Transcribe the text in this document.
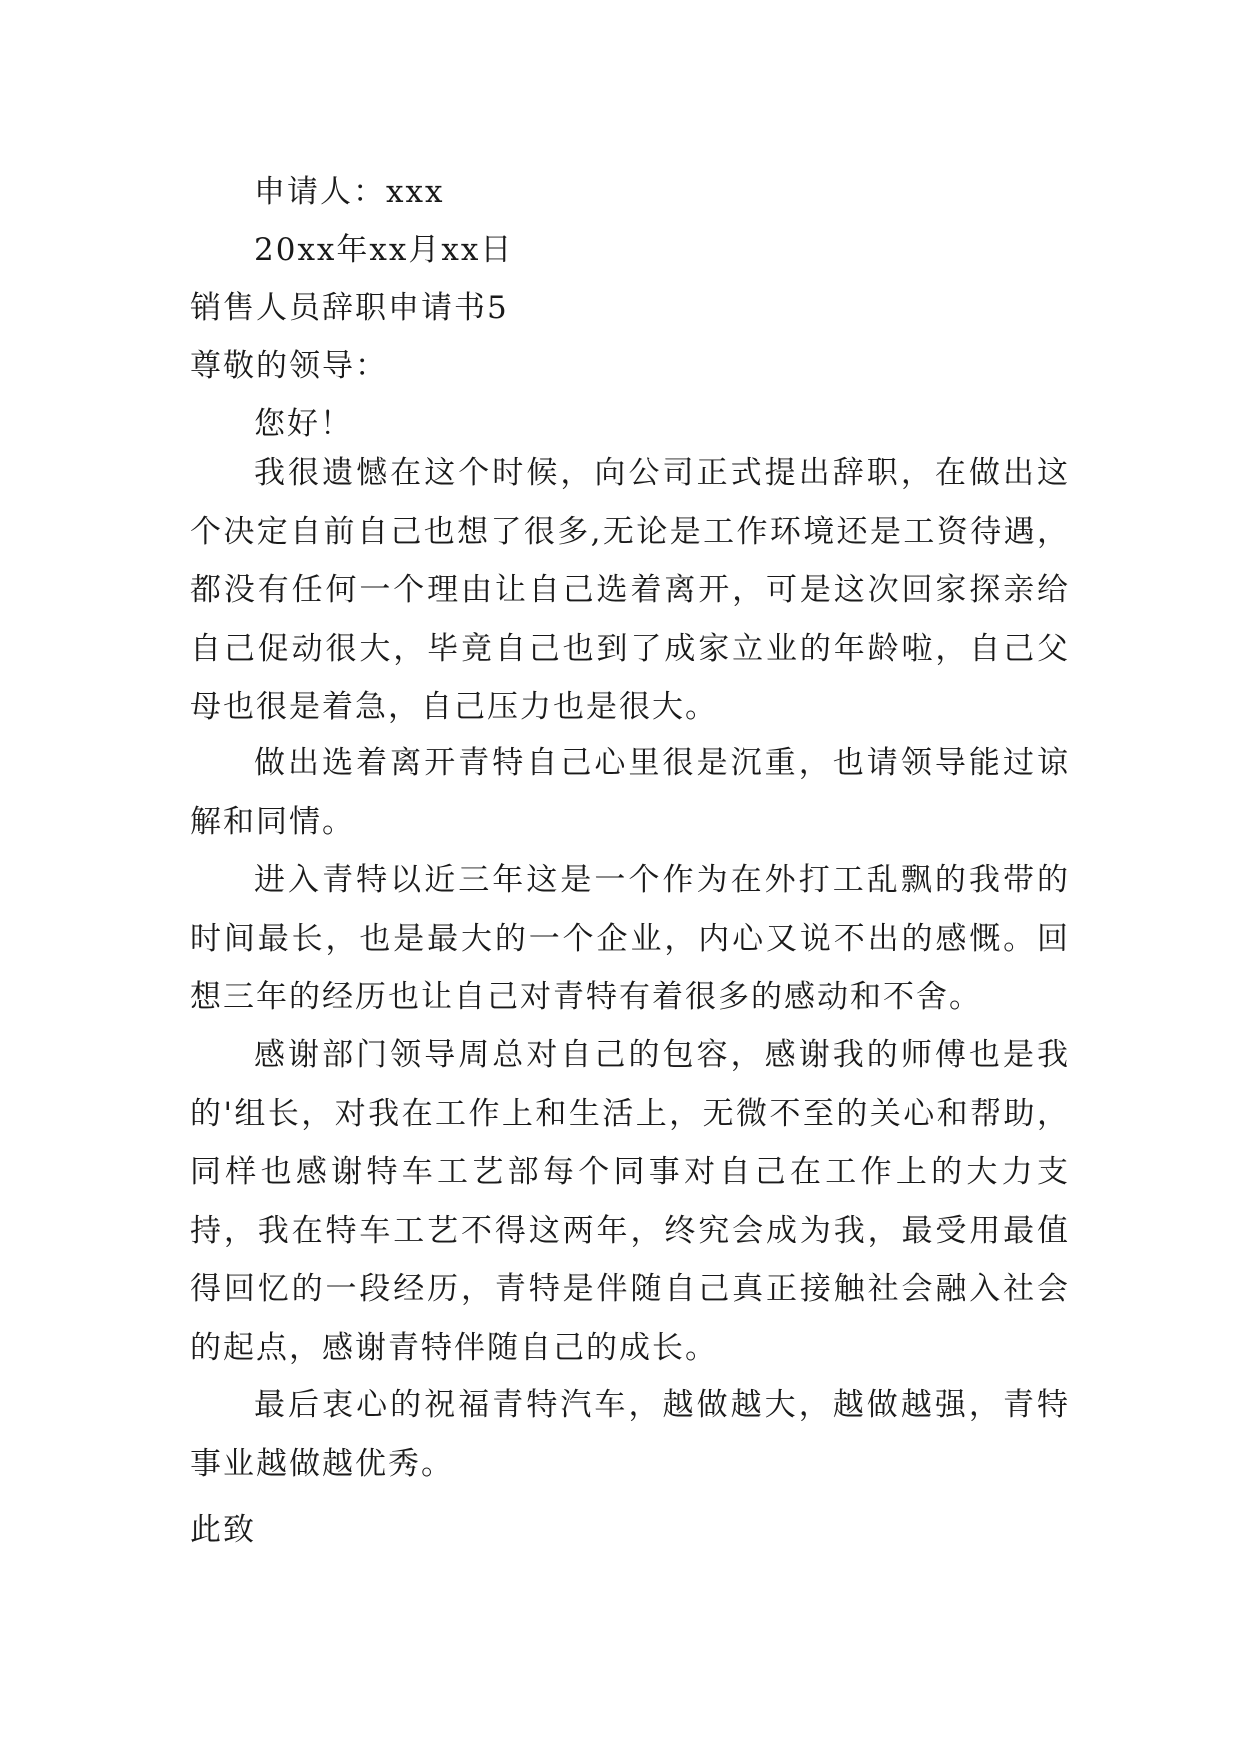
申请人：xxx
20xx年xx月xx日
销售人员辞职申请书5
尊敬的领导：
您好！
我很遗憾在这个时候，向公司正式提出辞职，在做出这个决定自前自己也想了很多,无论是工作环境还是工资待遇，都没有任何一个理由让自己选着离开，可是这次回家探亲给自己促动很大，毕竟自己也到了成家立业的年龄啦，自己父母也很是着急，自己压力也是很大。
做出选着离开青特自己心里很是沉重，也请领导能过谅解和同情。
进入青特以近三年这是一个作为在外打工乱飘的我带的时间最长，也是最大的一个企业，内心又说不出的感慨。回想三年的经历也让自己对青特有着很多的感动和不舍。
感谢部门领导周总对自己的包容，感谢我的师傅也是我的'组长，对我在工作上和生活上，无微不至的关心和帮助，同样也感谢特车工艺部每个同事对自己在工作上的大力支持，我在特车工艺不得这两年，终究会成为我，最受用最值得回忆的一段经历，青特是伴随自己真正接触社会融入社会的起点，感谢青特伴随自己的成长。
最后衷心的祝福青特汽车，越做越大，越做越强，青特事业越做越优秀。
此致
